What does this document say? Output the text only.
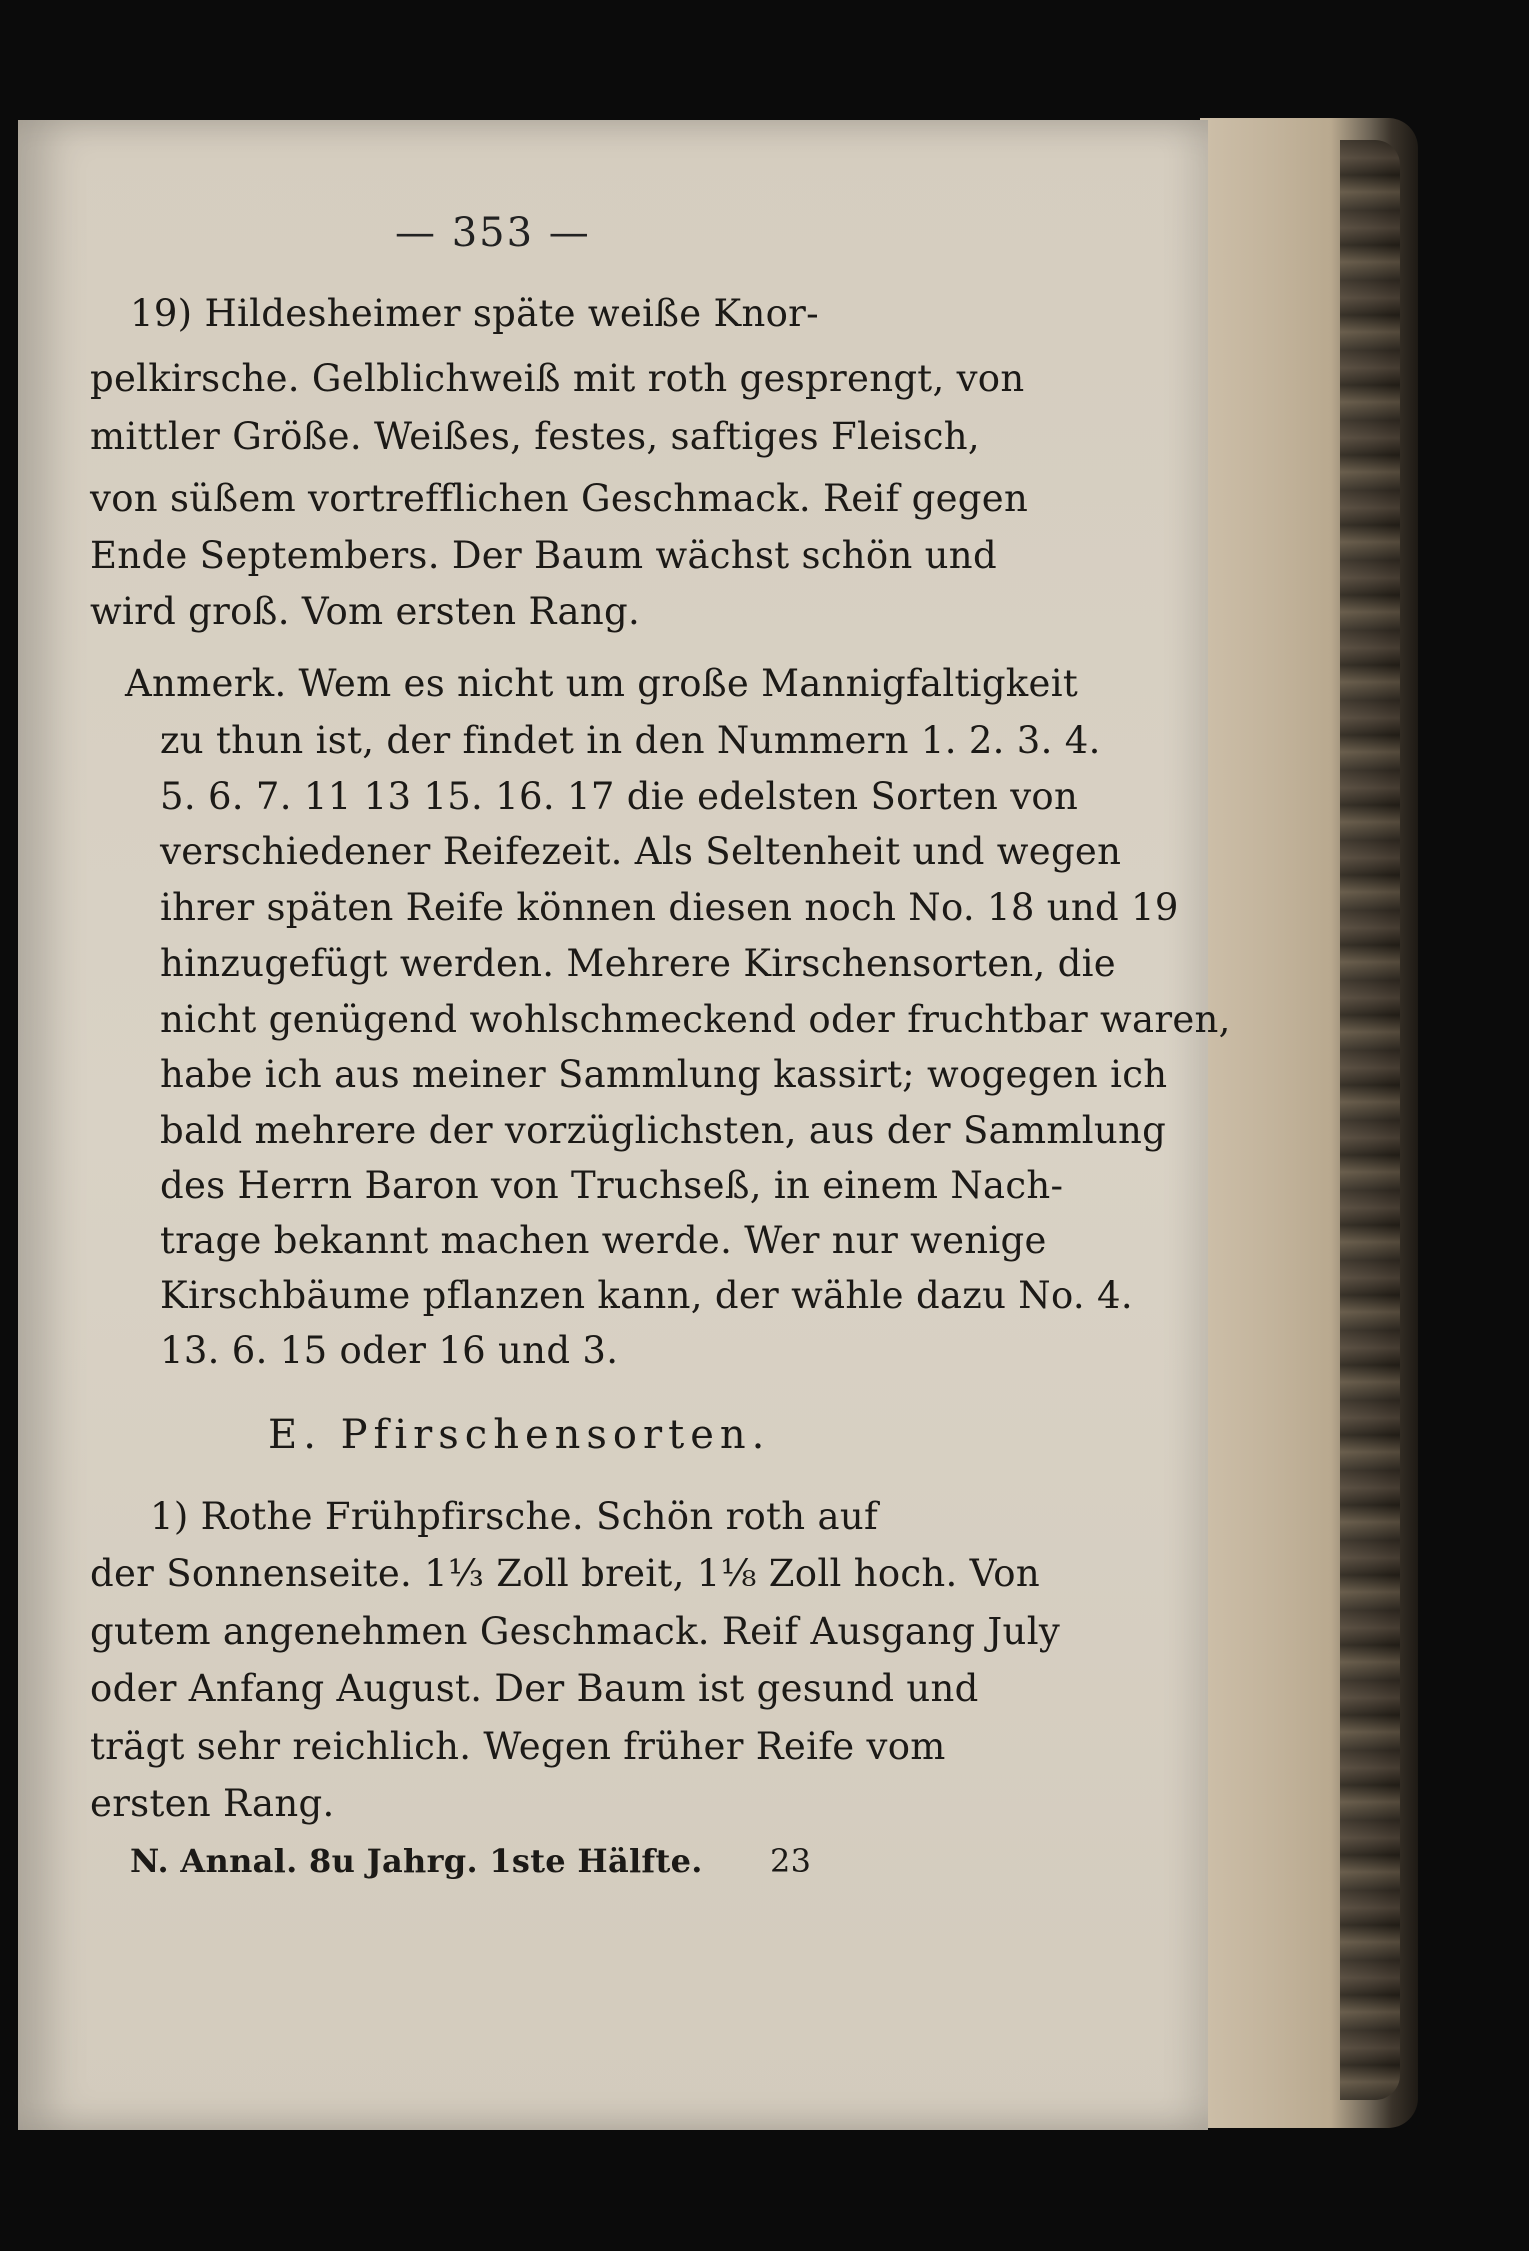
— 353 —
19) Hildesheimer späte weiße Knor-
pelkirsche. Gelblichweiß mit roth gesprengt, von
mittler Größe. Weißes, festes, saftiges Fleisch,
von süßem vortrefflichen Geschmack. Reif gegen
Ende Septembers. Der Baum wächst schön und
wird groß. Vom ersten Rang.
Anmerk. Wem es nicht um große Mannigfaltigkeit
zu thun ist, der findet in den Nummern 1. 2. 3. 4.
5. 6. 7. 11 13 15. 16. 17 die edelsten Sorten von
verschiedener Reifezeit. Als Seltenheit und wegen
ihrer späten Reife können diesen noch No. 18 und 19
hinzugefügt werden. Mehrere Kirschensorten, die
nicht genügend wohlschmeckend oder fruchtbar waren,
habe ich aus meiner Sammlung kassirt; wogegen ich
bald mehrere der vorzüglichsten, aus der Sammlung
des Herrn Baron von Truchseß, in einem Nach-
trage bekannt machen werde. Wer nur wenige
Kirschbäume pflanzen kann, der wähle dazu No. 4.
13. 6. 15 oder 16 und 3.
E. Pfirschensorten.
1) Rothe Frühpfirsche. Schön roth auf
der Sonnenseite. 1⅓ Zoll breit, 1⅛ Zoll hoch. Von
gutem angenehmen Geschmack. Reif Ausgang July
oder Anfang August. Der Baum ist gesund und
trägt sehr reichlich. Wegen früher Reife vom
ersten Rang.
N. Annal. 8u Jahrg. 1ste Hälfte. 23
